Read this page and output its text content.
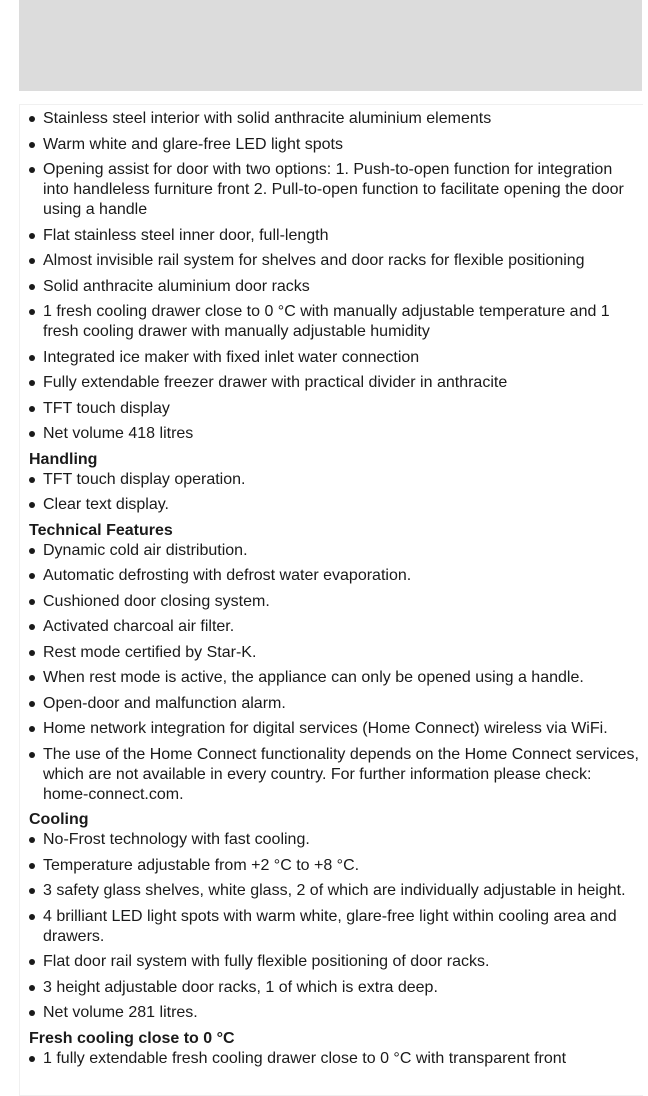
Stainless steel interior with solid anthracite aluminium elements
Warm white and glare-free LED light spots
Opening assist for door with two options: 1. Push-to-open function for integration into handleless furniture front 2. Pull-to-open function to facilitate opening the door using a handle
Flat stainless steel inner door, full-length
Almost invisible rail system for shelves and door racks for flexible positioning
Solid anthracite aluminium door racks
1 fresh cooling drawer close to 0 °C with manually adjustable temperature and 1 fresh cooling drawer with manually adjustable humidity
Integrated ice maker with fixed inlet water connection
Fully extendable freezer drawer with practical divider in anthracite
TFT touch display
Net volume 418 litres
Handling
TFT touch display operation.
Clear text display.
Technical Features
Dynamic cold air distribution.
Automatic defrosting with defrost water evaporation.
Cushioned door closing system.
Activated charcoal air filter.
Rest mode certified by Star-K.
When rest mode is active, the appliance can only be opened using a handle.
Open-door and malfunction alarm.
Home network integration for digital services (Home Connect) wireless via WiFi.
The use of the Home Connect functionality depends on the Home Connect services, which are not available in every country. For further information please check: home-connect.com.
Cooling
No-Frost technology with fast cooling.
Temperature adjustable from +2 °C to +8 °C.
3 safety glass shelves, white glass, 2 of which are individually adjustable in height.
4 brilliant LED light spots with warm white, glare-free light within cooling area and drawers.
Flat door rail system with fully flexible positioning of door racks.
3 height adjustable door racks, 1 of which is extra deep.
Net volume 281 litres.
Fresh cooling close to 0 °C
1 fully extendable fresh cooling drawer close to 0 °C with transparent front
